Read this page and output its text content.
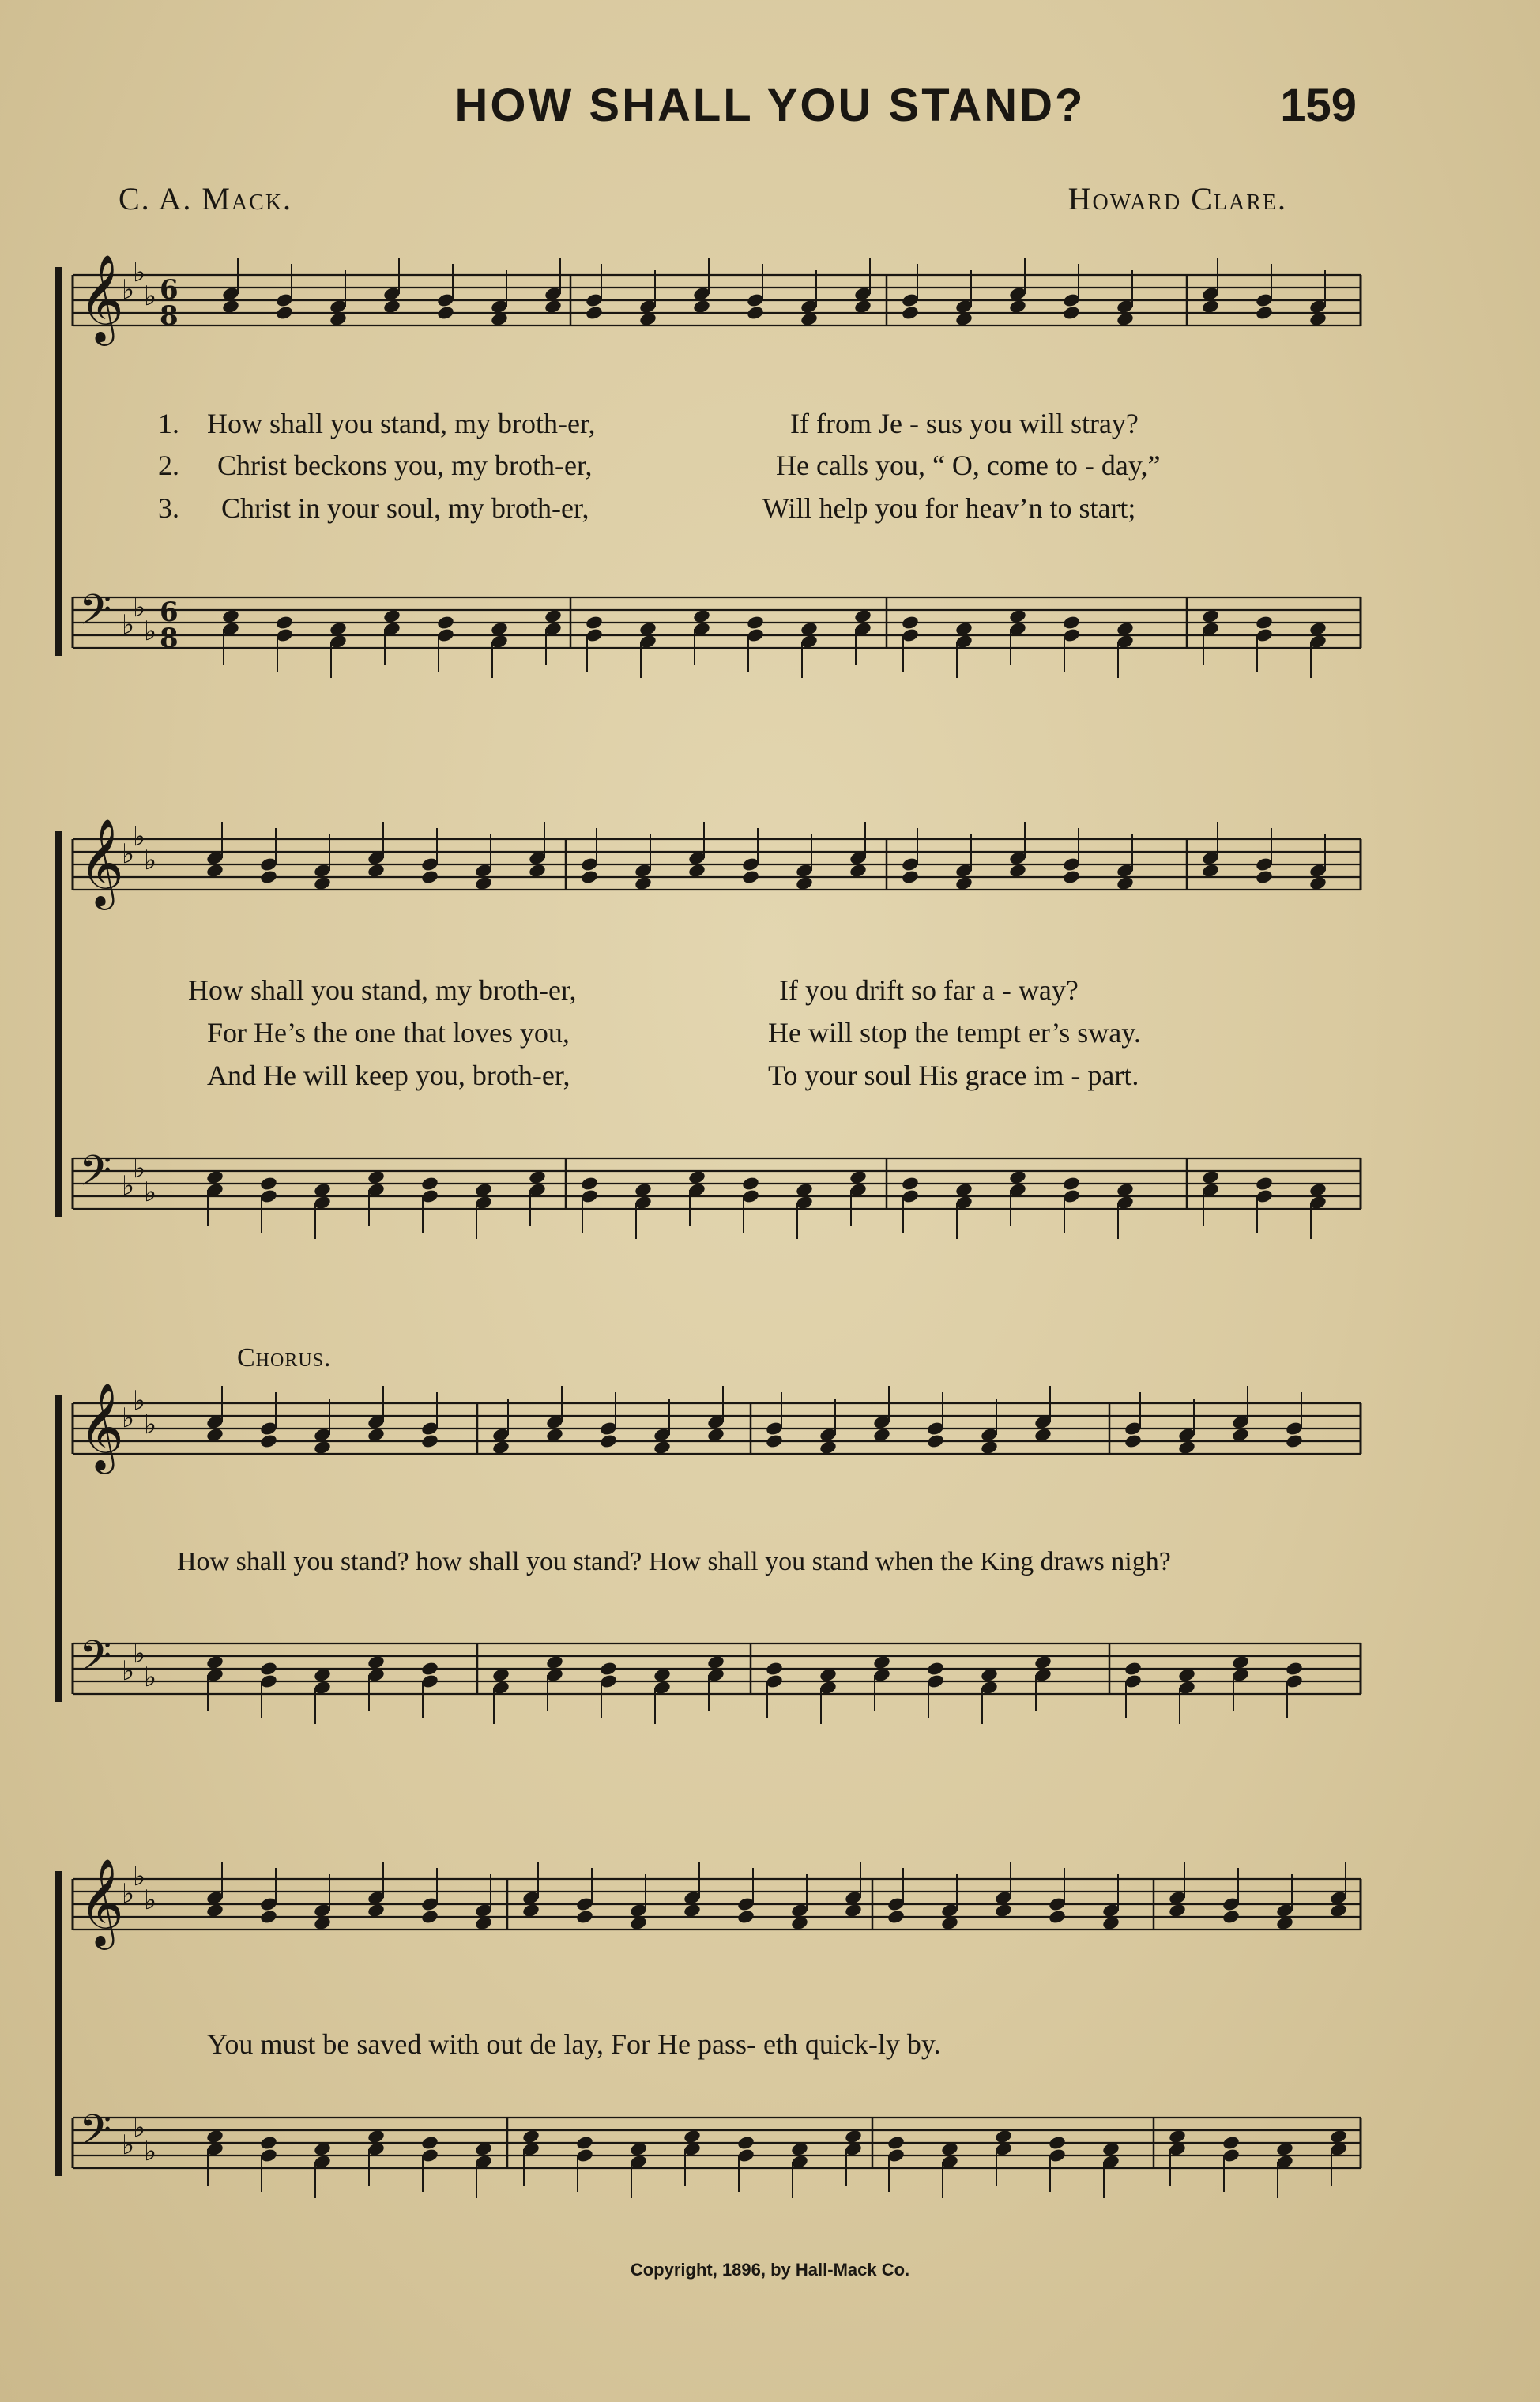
HOW SHALL YOU STAND?	159
C. A. Mack.	Howard Clare.
𝄞
♭
♭
♭ 6
8
𝄢 ♭
♭
♭
6
8
𝄞
♭
♭
♭
𝄢 ♭
♭
♭
𝄞
♭
♭
♭
𝄢 ♭
♭
♭
𝄞
♭
♭
♭
𝄢 ♭
♭
♭
1. How shall you stand, my broth-er,	If from Je - sus you will stray?
2. Christ beckons you, my broth-er,	He calls you, “ O, come to - day,”
3. Christ in your soul, my broth-er,	Will help you for heav’n to start;
How shall you stand, my broth-er,	If you drift so far a - way?
For He’s the one that loves you,	He will stop the tempt er’s sway.
And He will keep you, broth-er,	To your soul His grace im - part.
Chorus.
How shall you stand? how shall you stand? How shall you stand when the King draws nigh?
You must be saved with out de lay, For He pass- eth quick-ly by.
Copyright, 1896, by Hall-Mack Co.
